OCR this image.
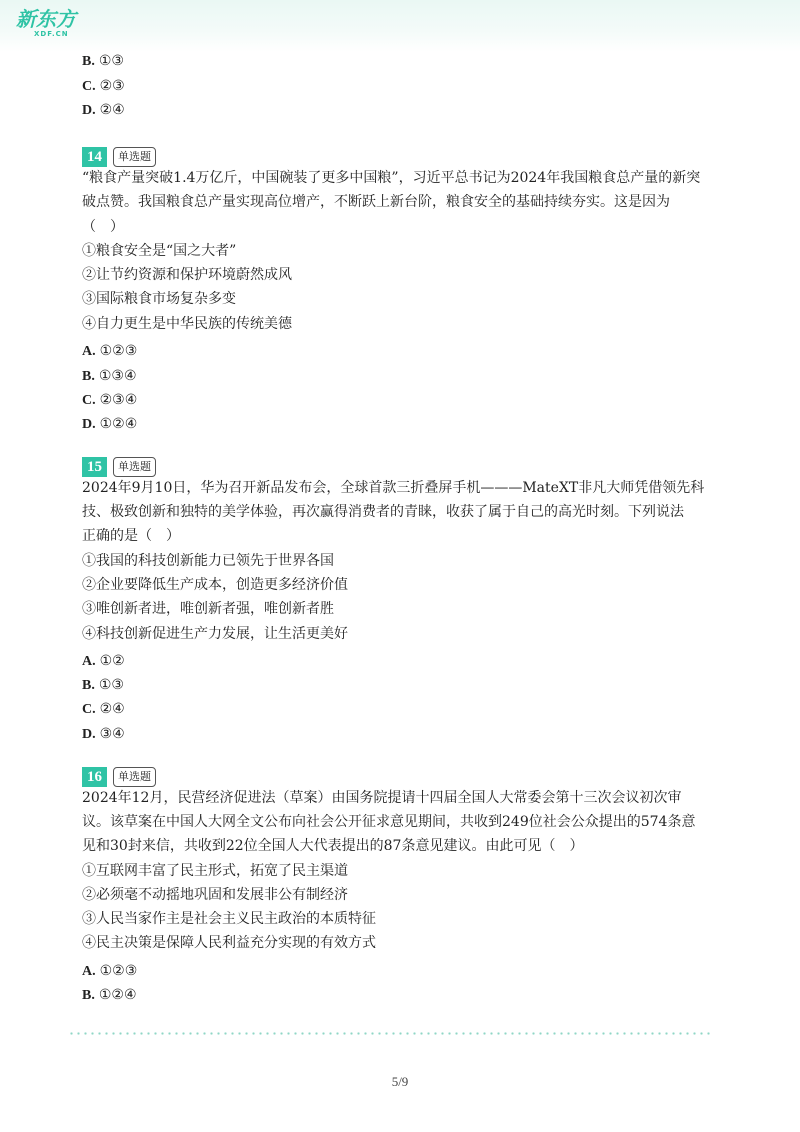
新东方
XDF.CN
B. ①③
C. ②③
D. ②④
14	单选题
“粮食产量突破1.4万亿斤，中国碗装了更多中国粮”，习近平总书记为2024年我国粮食总产量的新突
破点赞。我国粮食总产量实现高位增产，不断跃上新台阶，粮食安全的基础持续夯实。这是因为
（　）
①粮食安全是“国之大者”
②让节约资源和保护环境蔚然成风
③国际粮食市场复杂多变
④自力更生是中华民族的传统美德
A. ①②③
B. ①③④
C. ②③④
D. ①②④
15	单选题
2024年9月10日，华为召开新品发布会，全球首款三折叠屏手机———MateXT非凡大师凭借领先科
技、极致创新和独特的美学体验，再次赢得消费者的青睐，收获了属于自己的高光时刻。下列说法
正确的是（　）
①我国的科技创新能力已领先于世界各国
②企业要降低生产成本，创造更多经济价值
③唯创新者进，唯创新者强，唯创新者胜
④科技创新促进生产力发展，让生活更美好
A. ①②
B. ①③
C. ②④
D. ③④
16	单选题
2024年12月，民营经济促进法（草案）由国务院提请十四届全国人大常委会第十三次会议初次审
议。该草案在中国人大网全文公布向社会公开征求意见期间，共收到249位社会公众提出的574条意
见和30封来信，共收到22位全国人大代表提出的87条意见建议。由此可见（　）
①互联网丰富了民主形式，拓宽了民主渠道
②必须毫不动摇地巩固和发展非公有制经济
③人民当家作主是社会主义民主政治的本质特征
④民主决策是保障人民利益充分实现的有效方式
A. ①②③
B. ①②④
5/9
